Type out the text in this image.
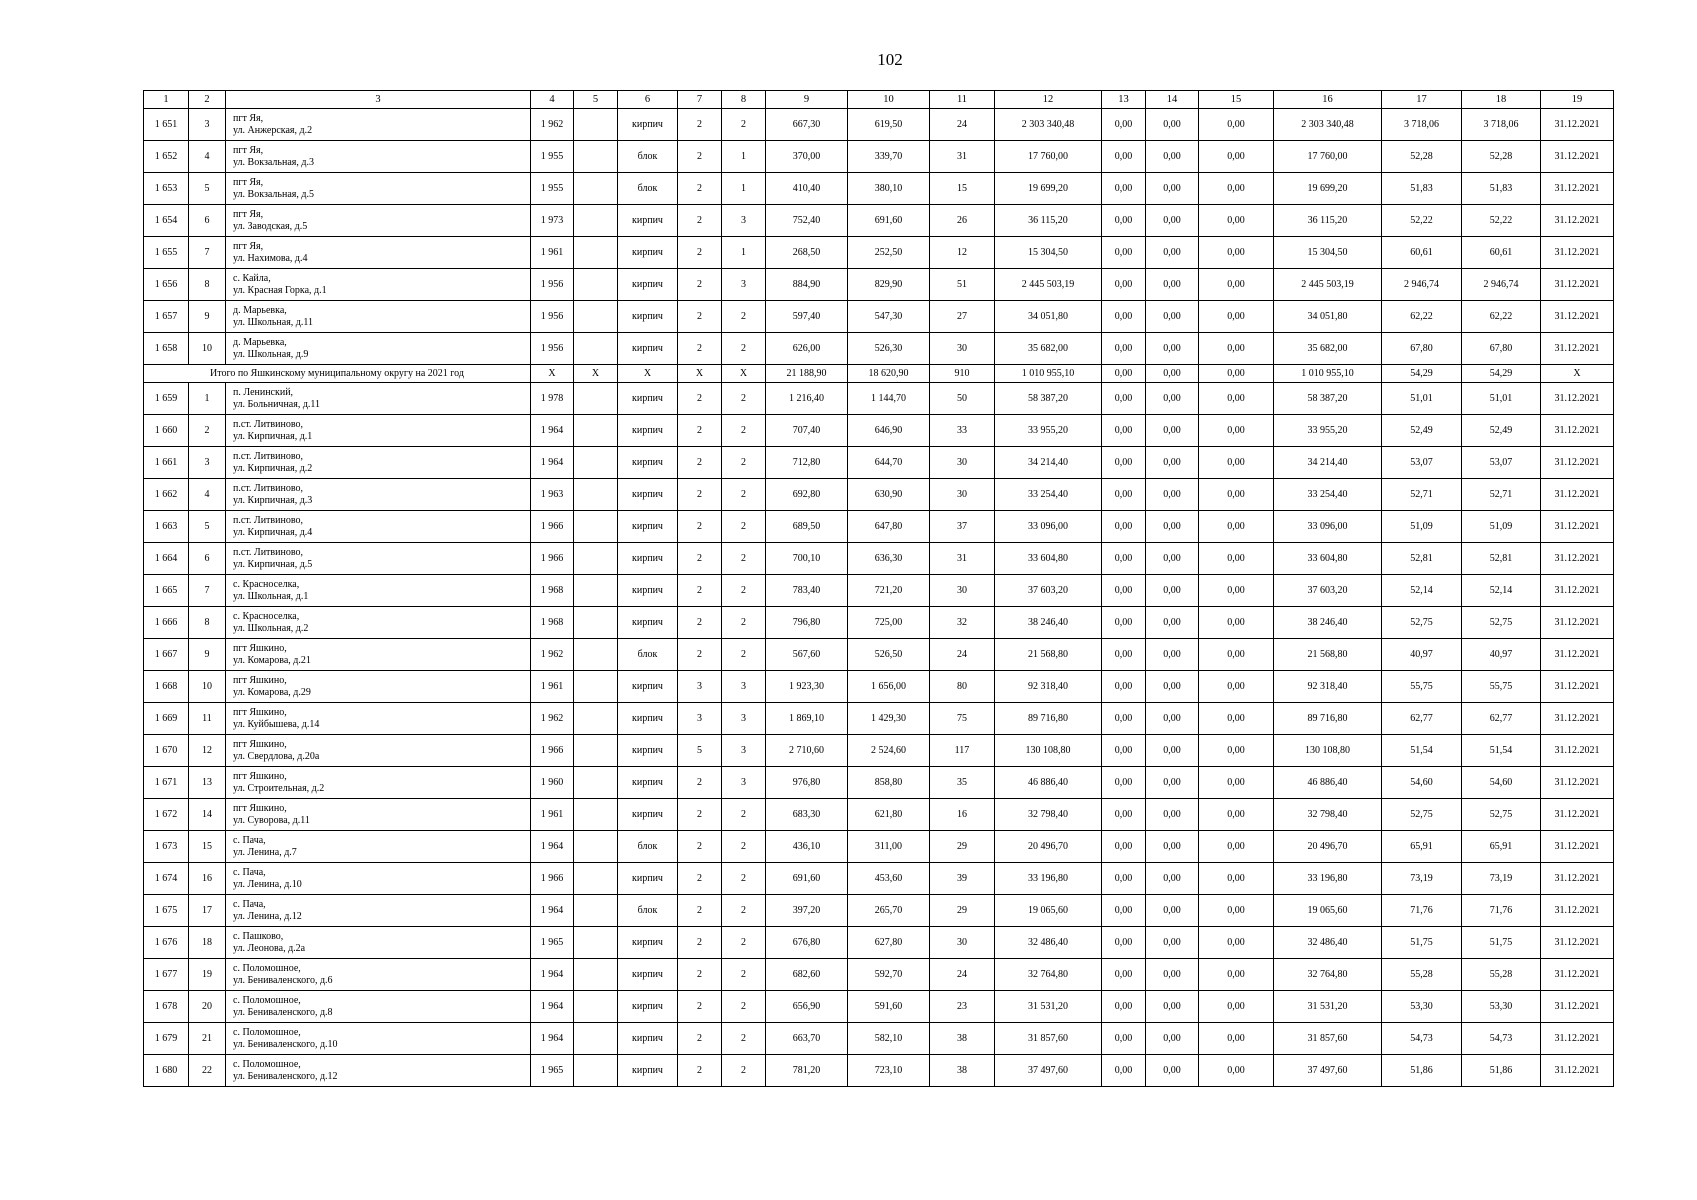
102
1	2	3	4	5	6	7	8	9	10	11	12	13	14	15	16	17	18	19
1 651	3	пгт Яя,
ул. Анжерская, д.2	1 962		кирпич	2	2	667,30	619,50	24	2 303 340,48	0,00	0,00	0,00	2 303 340,48	3 718,06	3 718,06	31.12.2021
1 652	4	пгт Яя,
ул. Вокзальная, д.3	1 955		блок	2	1	370,00	339,70	31	17 760,00	0,00	0,00	0,00	17 760,00	52,28	52,28	31.12.2021
1 653	5	пгт Яя,
ул. Вокзальная, д.5	1 955		блок	2	1	410,40	380,10	15	19 699,20	0,00	0,00	0,00	19 699,20	51,83	51,83	31.12.2021
1 654	6	пгт Яя,
ул. Заводская, д.5	1 973		кирпич	2	3	752,40	691,60	26	36 115,20	0,00	0,00	0,00	36 115,20	52,22	52,22	31.12.2021
1 655	7	пгт Яя,
ул. Нахимова, д.4	1 961		кирпич	2	1	268,50	252,50	12	15 304,50	0,00	0,00	0,00	15 304,50	60,61	60,61	31.12.2021
1 656	8	с. Кайла,
ул. Красная Горка, д.1	1 956		кирпич	2	3	884,90	829,90	51	2 445 503,19	0,00	0,00	0,00	2 445 503,19	2 946,74	2 946,74	31.12.2021
1 657	9	д. Марьевка,
ул. Школьная, д.11	1 956		кирпич	2	2	597,40	547,30	27	34 051,80	0,00	0,00	0,00	34 051,80	62,22	62,22	31.12.2021
1 658	10	д. Марьевка,
ул. Школьная, д.9	1 956		кирпич	2	2	626,00	526,30	30	35 682,00	0,00	0,00	0,00	35 682,00	67,80	67,80	31.12.2021
Итого по Яшкинскому муниципальному округу на 2021 год			X	X	X	X	X	21 188,90	18 620,90	910	1 010 955,10	0,00	0,00	0,00	1 010 955,10	54,29	54,29	X
1 659	1	п. Ленинский,
ул. Больничная, д.11	1 978		кирпич	2	2	1 216,40	1 144,70	50	58 387,20	0,00	0,00	0,00	58 387,20	51,01	51,01	31.12.2021
1 660	2	п.ст. Литвиново,
ул. Кирпичная, д.1	1 964		кирпич	2	2	707,40	646,90	33	33 955,20	0,00	0,00	0,00	33 955,20	52,49	52,49	31.12.2021
1 661	3	п.ст. Литвиново,
ул. Кирпичная, д.2	1 964		кирпич	2	2	712,80	644,70	30	34 214,40	0,00	0,00	0,00	34 214,40	53,07	53,07	31.12.2021
1 662	4	п.ст. Литвиново,
ул. Кирпичная, д.3	1 963		кирпич	2	2	692,80	630,90	30	33 254,40	0,00	0,00	0,00	33 254,40	52,71	52,71	31.12.2021
1 663	5	п.ст. Литвиново,
ул. Кирпичная, д.4	1 966		кирпич	2	2	689,50	647,80	37	33 096,00	0,00	0,00	0,00	33 096,00	51,09	51,09	31.12.2021
1 664	6	п.ст. Литвиново,
ул. Кирпичная, д.5	1 966		кирпич	2	2	700,10	636,30	31	33 604,80	0,00	0,00	0,00	33 604,80	52,81	52,81	31.12.2021
1 665	7	с. Красноселка,
ул. Школьная, д.1	1 968		кирпич	2	2	783,40	721,20	30	37 603,20	0,00	0,00	0,00	37 603,20	52,14	52,14	31.12.2021
1 666	8	с. Красноселка,
ул. Школьная, д.2	1 968		кирпич	2	2	796,80	725,00	32	38 246,40	0,00	0,00	0,00	38 246,40	52,75	52,75	31.12.2021
1 667	9	пгт Яшкино,
ул. Комарова, д.21	1 962		блок	2	2	567,60	526,50	24	21 568,80	0,00	0,00	0,00	21 568,80	40,97	40,97	31.12.2021
1 668	10	пгт Яшкино,
ул. Комарова, д.29	1 961		кирпич	3	3	1 923,30	1 656,00	80	92 318,40	0,00	0,00	0,00	92 318,40	55,75	55,75	31.12.2021
1 669	11	пгт Яшкино,
ул. Куйбышева, д.14	1 962		кирпич	3	3	1 869,10	1 429,30	75	89 716,80	0,00	0,00	0,00	89 716,80	62,77	62,77	31.12.2021
1 670	12	пгт Яшкино,
ул. Свердлова, д.20а	1 966		кирпич	5	3	2 710,60	2 524,60	117	130 108,80	0,00	0,00	0,00	130 108,80	51,54	51,54	31.12.2021
1 671	13	пгт Яшкино,
ул. Строительная, д.2	1 960		кирпич	2	3	976,80	858,80	35	46 886,40	0,00	0,00	0,00	46 886,40	54,60	54,60	31.12.2021
1 672	14	пгт Яшкино,
ул. Суворова, д.11	1 961		кирпич	2	2	683,30	621,80	16	32 798,40	0,00	0,00	0,00	32 798,40	52,75	52,75	31.12.2021
1 673	15	с. Пача,
ул. Ленина, д.7	1 964		блок	2	2	436,10	311,00	29	20 496,70	0,00	0,00	0,00	20 496,70	65,91	65,91	31.12.2021
1 674	16	с. Пача,
ул. Ленина, д.10	1 966		кирпич	2	2	691,60	453,60	39	33 196,80	0,00	0,00	0,00	33 196,80	73,19	73,19	31.12.2021
1 675	17	с. Пача,
ул. Ленина, д.12	1 964		блок	2	2	397,20	265,70	29	19 065,60	0,00	0,00	0,00	19 065,60	71,76	71,76	31.12.2021
1 676	18	с. Пашково,
ул. Леонова, д.2а	1 965		кирпич	2	2	676,80	627,80	30	32 486,40	0,00	0,00	0,00	32 486,40	51,75	51,75	31.12.2021
1 677	19	с. Поломошное,
ул. Бениваленского, д.6	1 964		кирпич	2	2	682,60	592,70	24	32 764,80	0,00	0,00	0,00	32 764,80	55,28	55,28	31.12.2021
1 678	20	с. Поломошное,
ул. Бениваленского, д.8	1 964		кирпич	2	2	656,90	591,60	23	31 531,20	0,00	0,00	0,00	31 531,20	53,30	53,30	31.12.2021
1 679	21	с. Поломошное,
ул. Бениваленского, д.10	1 964		кирпич	2	2	663,70	582,10	38	31 857,60	0,00	0,00	0,00	31 857,60	54,73	54,73	31.12.2021
1 680	22	с. Поломошное,
ул. Бениваленского, д.12	1 965		кирпич	2	2	781,20	723,10	38	37 497,60	0,00	0,00	0,00	37 497,60	51,86	51,86	31.12.2021
